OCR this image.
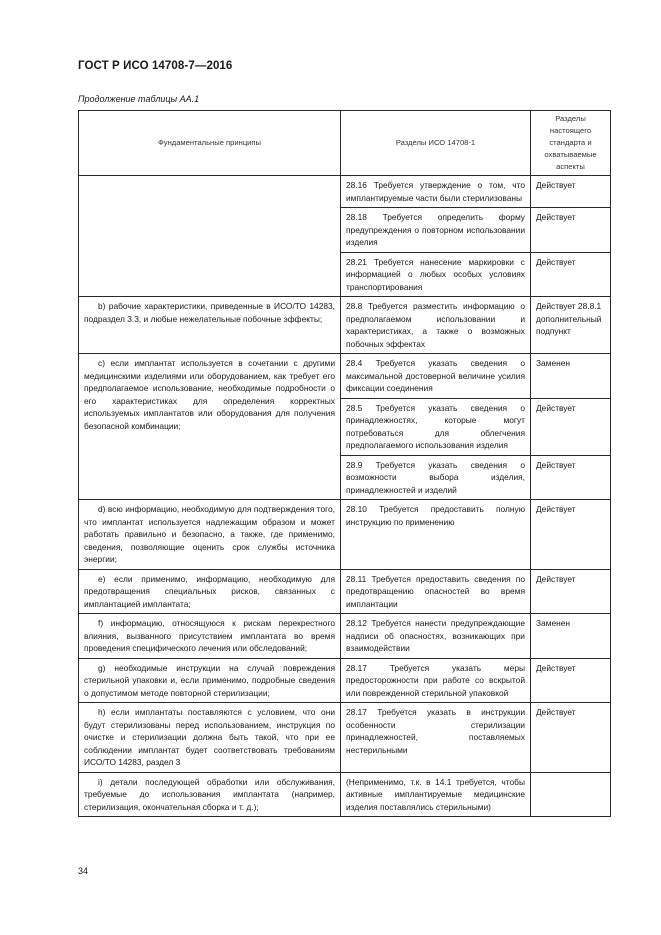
ГОСТ Р ИСО 14708-7—2016
Продолжение таблицы АА.1
Фундаментальные принципы	Разделы ИСО 14708-1	Разделы настоящего стандарта и охватываемые аспекты
	28.16 Требуется утверждение о том, что имплантируемые части были стерилизованы	Действует
	28.18 Требуется определить форму предупреждения о повторном использовании изделия	Действует
	28.21 Требуется нанесение маркировки с информацией о любых особых условиях транспортирования	Действует
b) рабочие характеристики, приведенные в ИСО/ТО 14283, подраздел 3.3, и любые нежелательные побочные эффекты;	28.8 Требуется разместить информацию о предполагаемом использовании и характеристиках, а также о возможных побочных эффектах	Действует 28.8.1 дополнительный подпункт
c) если имплантат используется в сочетании с другими медицинскими изделиями или оборудованием, как требует его предполагаемое использование, необходимые подробности о его характеристиках для определения корректных используемых имплантатов или оборудования для получения безопасной комбинации;	28.4 Требуется указать сведения о максимальной достоверной величине усилия фиксации соединения	Заменен
	28.5 Требуется указать сведения о принадлежностях, которые могут потребоваться для облегчения предполагаемого использования изделия	Действует
	28.9 Требуется указать сведения о возможности выбора изделия, принадлежностей и изделий	Действует
d) всю информацию, необходимую для подтверждения того, что имплантат используется надлежащим образом и может работать правильно и безопасно, а также, где применимо, сведения, позволяющие оценить срок службы источника энергии;	28.10 Требуется предоставить полную инструкцию по применению	Действует
e) если применимо, информацию, необходимую для предотвращения специальных рисков, связанных с имплантацией имплантата;	28.11 Требуется предоставить сведения по предотвращению опасностей во время имплантации	Действует
f) информацию, относящуюся к рискам перекрестного влияния, вызванного присутствием имплантата во время проведения специфического лечения или обследований;	28.12 Требуется нанести предупреждающие надписи об опасностях, возникающих при взаимодействии	Заменен
g) необходимые инструкции на случай повреждения стерильной упаковки и, если применимо, подробные сведения о допустимом методе повторной стерилизации;	28.17 Требуется указать меры предосторожности при работе со вскрытой или поврежденной стерильной упаковкой	Действует
h) если имплантаты поставляются с условием, что они будут стерилизованы перед использованием, инструкция по очистке и стерилизации должна быть такой, что при ее соблюдении имплантат будет соответствовать требованиям ИСО/ТО 14283, раздел 3	28.17 Требуется указать в инструкции особенности стерилизации принадлежностей, поставляемых нестерильными	Действует
i) детали последующей обработки или обслуживания, требуемые до использования имплантата (например, стерилизация, окончательная сборка и т. д.);	(Неприменимо, т.к. в 14.1 требуется, чтобы активные имплантируемые медицинские изделия поставлялись стерильными)	
34
